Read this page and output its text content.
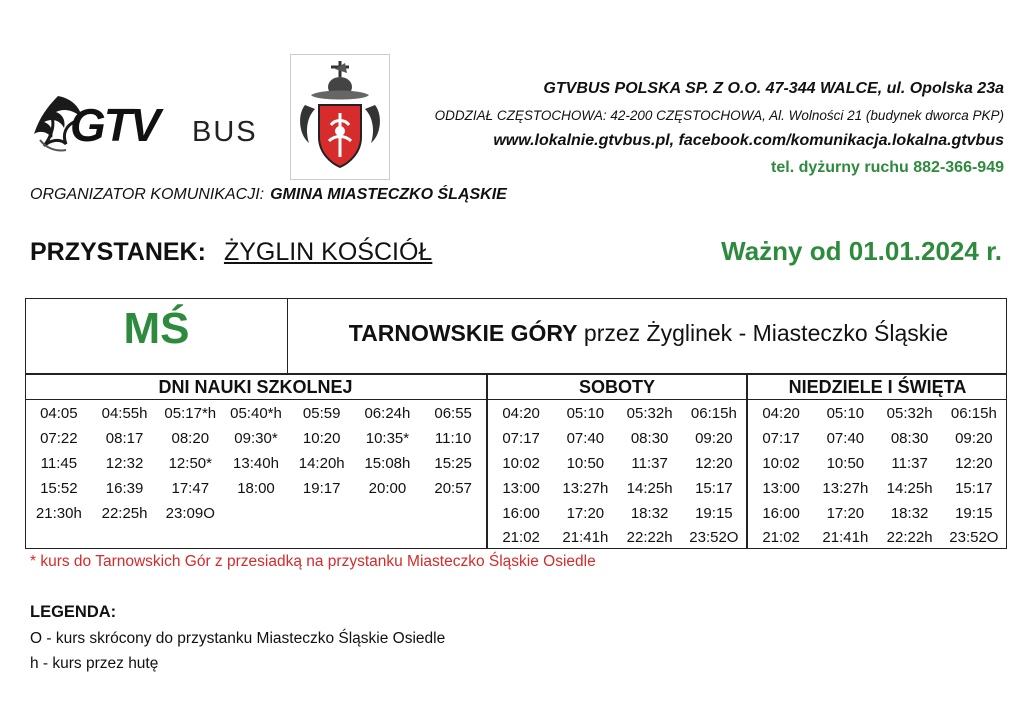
GTV BUS
GTVBUS POLSKA SP. Z O.O. 47-344 WALCE, ul. Opolska 23a
ODDZIAŁ CZĘSTOCHOWA: 42-200 CZĘSTOCHOWA, Al. Wolności 21 (budynek dworca PKP)
www.lokalnie.gtvbus.pl, facebook.com/komunikacja.lokalna.gtvbus
tel. dyżurny ruchu 882-366-949
ORGANIZATOR KOMUNIKACJI: GMINA MIASTECZKO ŚLĄSKIE
PRZYSTANEK: ŻYGLIN KOŚCIÓŁ	Ważny od 01.01.2024 r.
MŚ	TARNOWSKIE GÓRY przez Żyglinek - Miasteczko Śląskie
DNI NAUKI SZKOLNEJ	SOBOTY	NIEDZIELE I ŚWIĘTA
04:05	04:55h	05:17*h 05:40*h	05:59	06:24h	06:55
07:22	08:17	08:20	09:30*	10:20	10:35*	11:10
11:45	12:32	12:50*	13:40h	14:20h	15:08h	15:25
15:52	16:39	17:47	18:00	19:17	20:00	20:57
21:30h	22:25h	23:09O
04:20	05:10	05:32h	06:15h
07:17	07:40	08:30	09:20
10:02	10:50	11:37	12:20
13:00	13:27h	14:25h	15:17
16:00	17:20	18:32	19:15
21:02	21:41h	22:22h	23:52O
04:20	05:10	05:32h	06:15h
07:17	07:40	08:30	09:20
10:02	10:50	11:37	12:20
13:00	13:27h	14:25h	15:17
16:00	17:20	18:32	19:15
21:02	21:41h	22:22h	23:52O
* kurs do Tarnowskich Gór z przesiadką na przystanku Miasteczko Śląskie Osiedle
LEGENDA:
O - kurs skrócony do przystanku Miasteczko Śląskie Osiedle
h - kurs przez hutę
